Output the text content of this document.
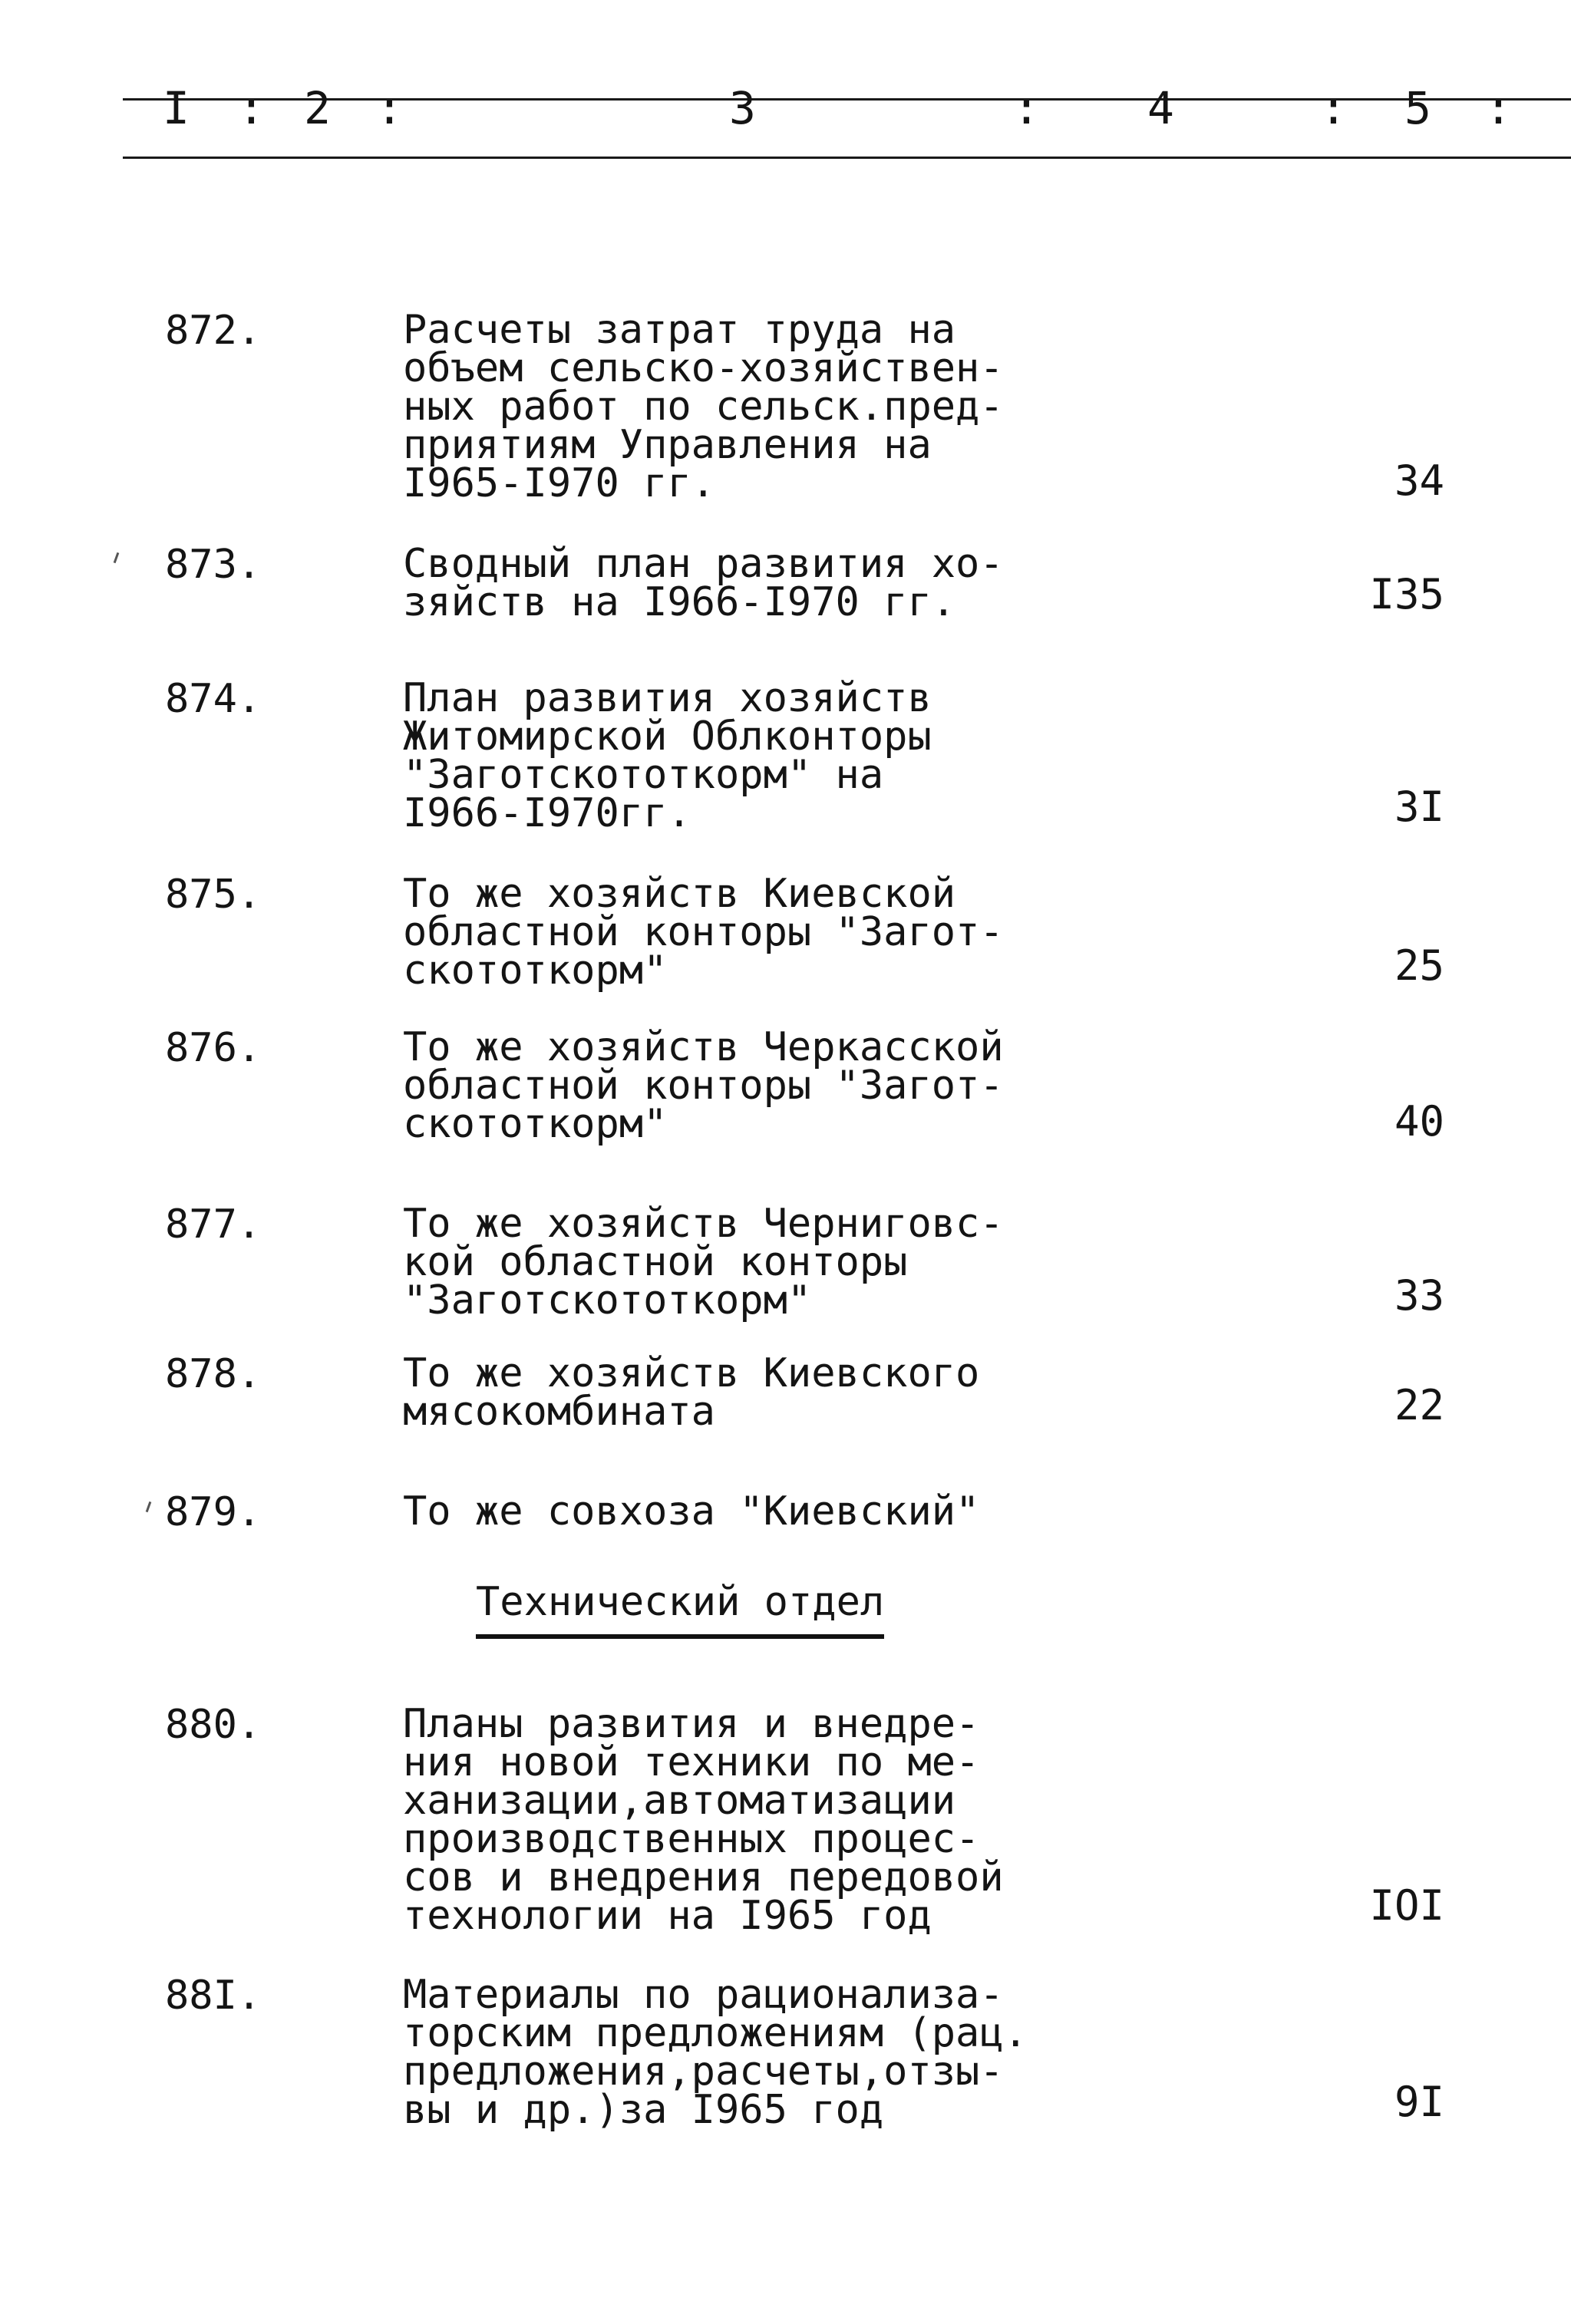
I : 2 :	3	: 4	: 5 :
872.	Расчеты затрат труда на
объем сельско-хозяйствен-
ных работ по сельск.пред-
приятиям Управления на
I965-I970 гг.	34
873.	Сводный план развития хо-
зяйств на I966-I970 гг.	I35
874.	План развития хозяйств
Житомирской Облконторы
"Заготскототкорм" на
I966-I970гг.	3I
875.	То же хозяйств Киевской
областной конторы "Загот-
скототкорм"	25
876.	То же хозяйств Черкасской
областной конторы "Загот-
скототкорм"	40
877.	То же хозяйств Черниговс-
кой областной конторы
"Заготскототкорм"	33
878.	То же хозяйств Киевского
мясокомбината	22
879.	То же совхоза "Киевский"
Технический отдел
880.	Планы развития и внедре-
ния новой техники по ме-
ханизации,автоматизации
производственных процес-
сов и внедрения передовой
технологии на I965 год	IOI
88I.	Материалы по рационализа-
торским предложениям (рац.
предложения,расчеты,отзы-
вы и др.)за I965 год	9I
